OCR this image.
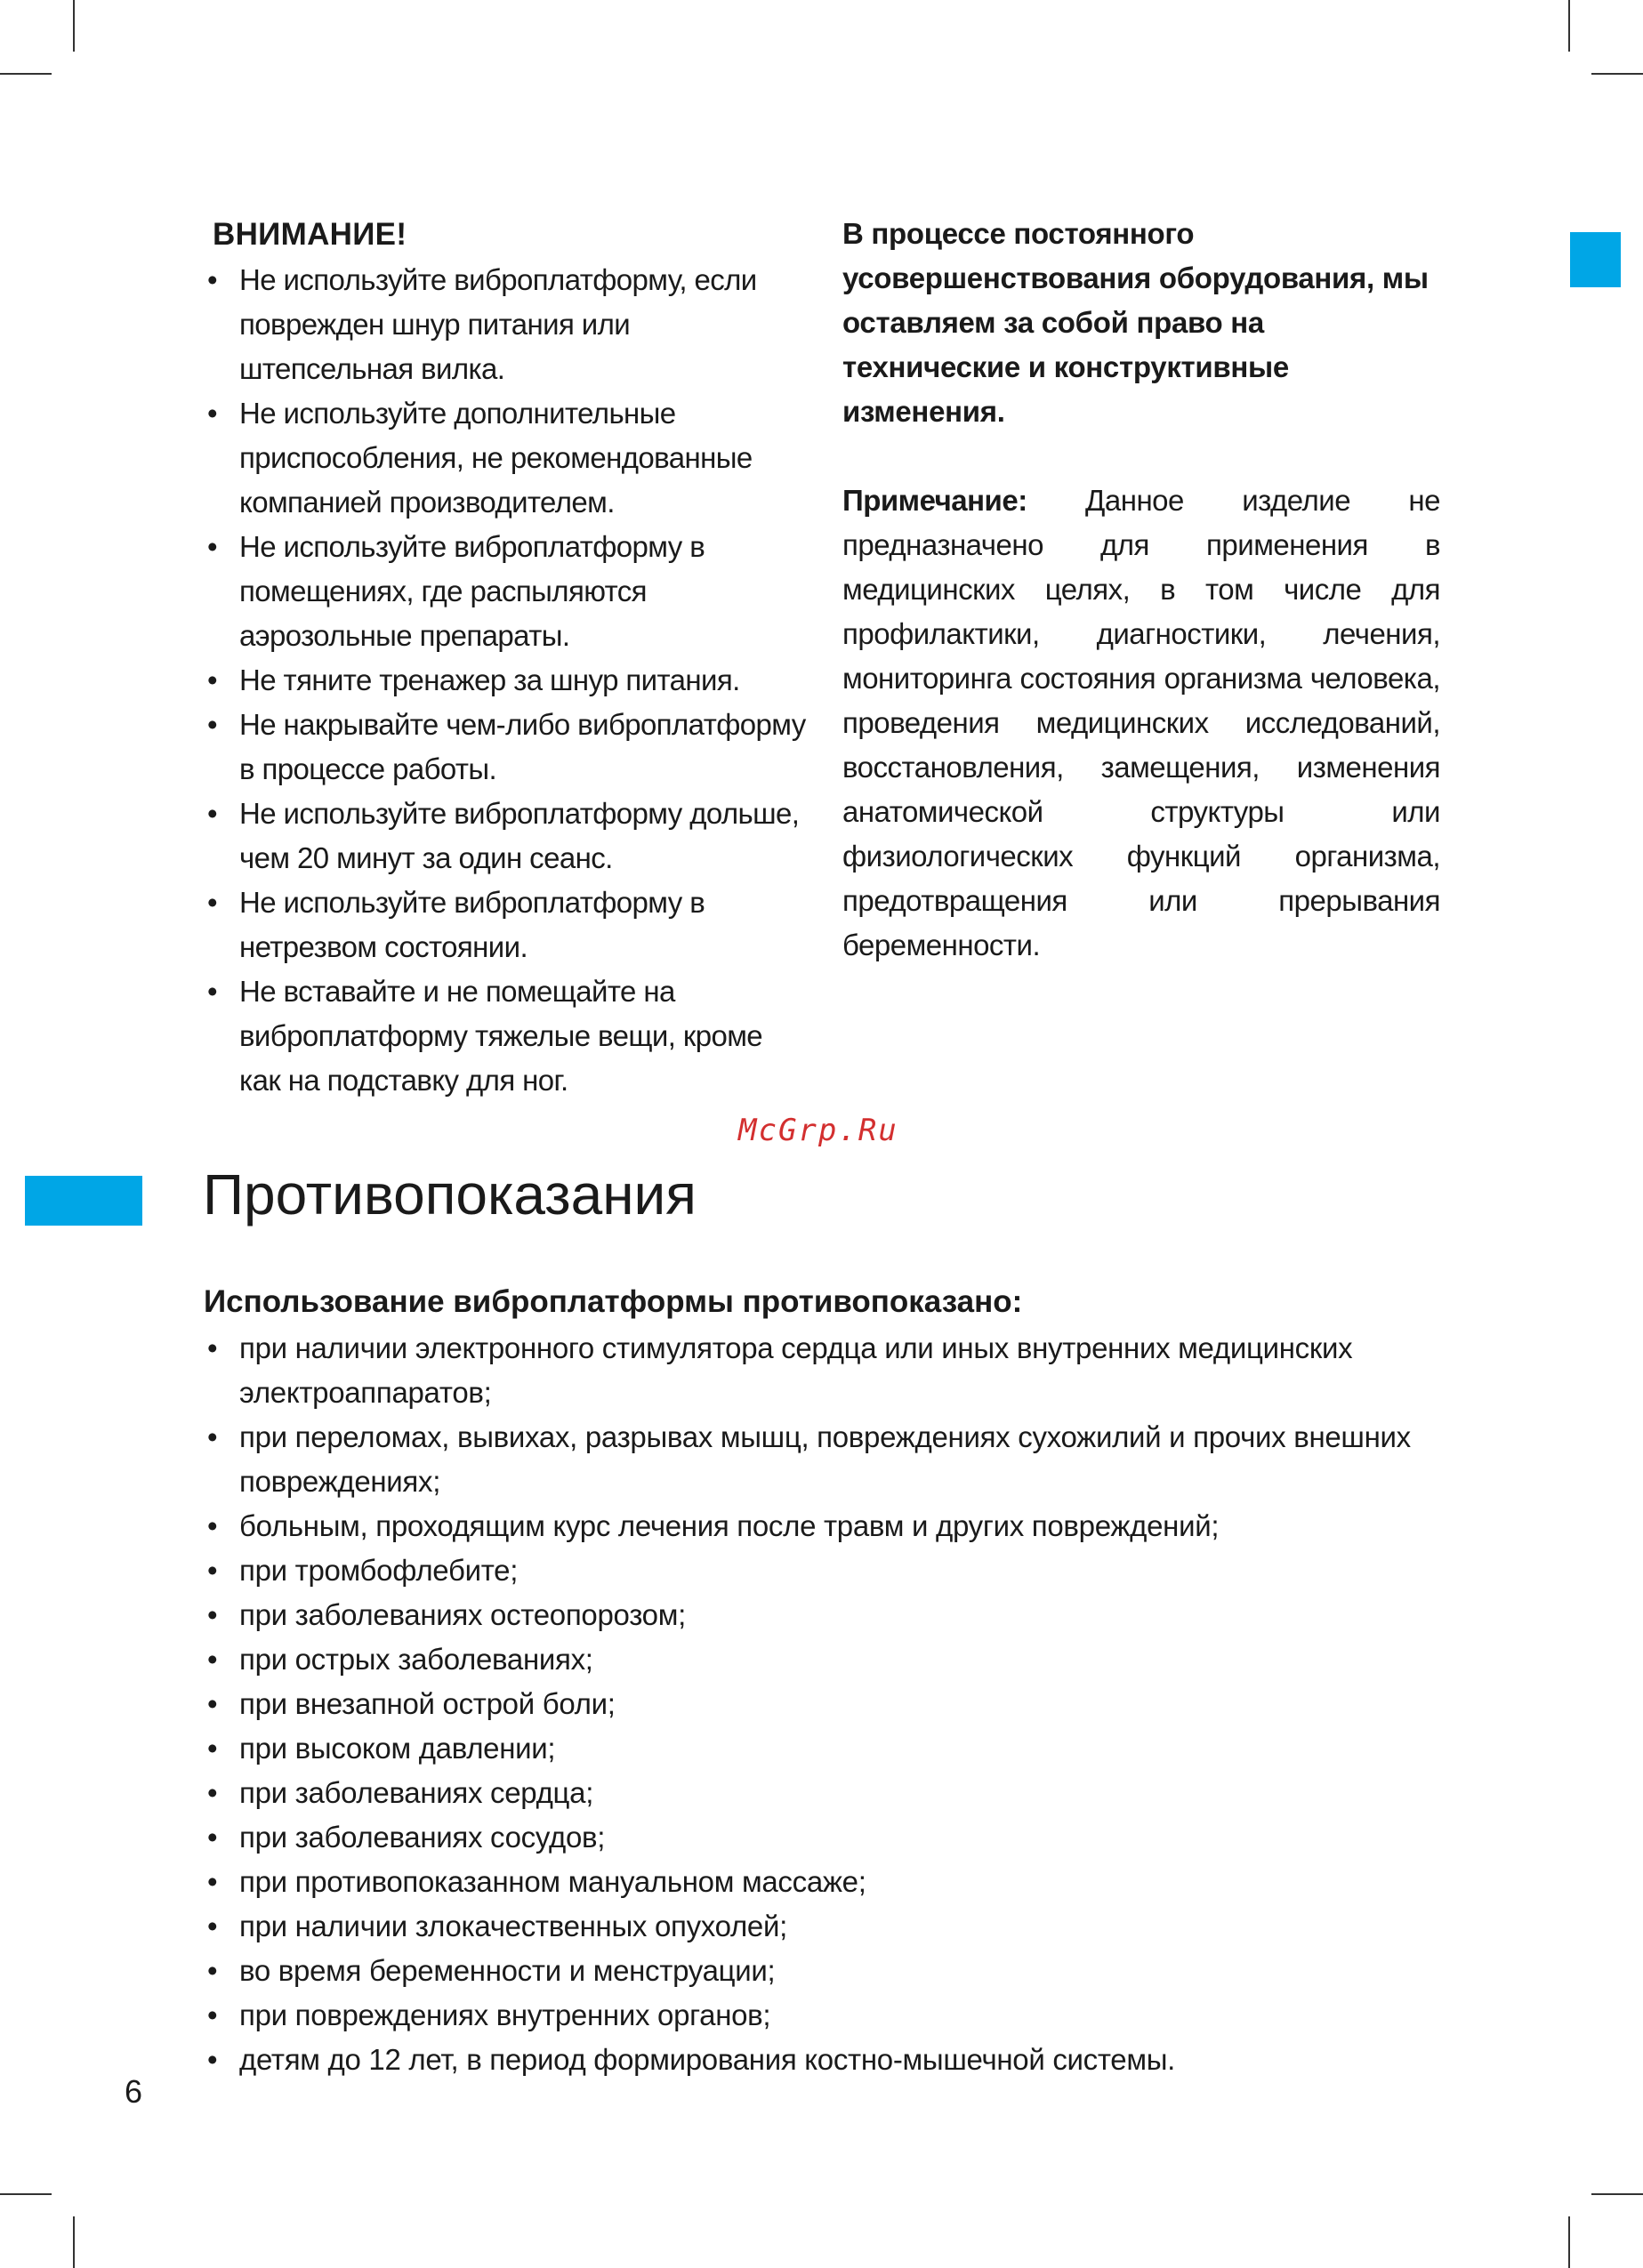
ВНИМАНИЕ!

• Не используйте виброплатформу, если поврежден шнур питания или штепсельная вилка.
• Не используйте дополнительные приспособления, не рекомендованные компанией производителем.
• Не используйте виброплатформу в помещениях, где распыляются аэрозольные препараты.
• Не тяните тренажер за шнур питания.
• Не накрывайте чем-либо виброплатформу в процессе работы.
• Не используйте виброплатформу дольше, чем 20 минут за один сеанс.
• Не используйте виброплатформу в нетрезвом состоянии.
• Не вставайте и не помещайте на виброплатформу тяжелые вещи, кроме как на подставку для ног.

В процессе постоянного усовершенствования оборудования, мы оставляем за собой право на технические и конструктивные изменения.

Примечание: Данное изделие не предназначено для применения в медицинских целях, в том числе для профилактики, диагностики, лечения, мониторинга состояния организма человека, проведения медицинских исследований, восстановления, замещения, изменения анатомической структуры или физиологических функций организма, предотвращения или прерывания беременности.

McGrp.Ru
Противопоказания

Использование виброплатформы противопоказано:

• при наличии электронного стимулятора сердца или иных внутренних медицинских электроаппаратов;
• при переломах, вывихах, разрывах мышц, повреждениях сухожилий и прочих внешних повреждениях;
• больным, проходящим курс лечения после травм и других повреждений;
• при тромбофлебите;
• при заболеваниях остеопорозом;
• при острых заболеваниях;
• при внезапной острой боли;
• при высоком давлении;
• при заболеваниях сердца;
• при заболеваниях сосудов;
• при противопоказанном мануальном массаже;
• при наличии злокачественных опухолей;
• во время беременности и менструации;
• при повреждениях внутренних органов;
• детям до 12 лет, в период формирования костно-мышечной системы.
6
